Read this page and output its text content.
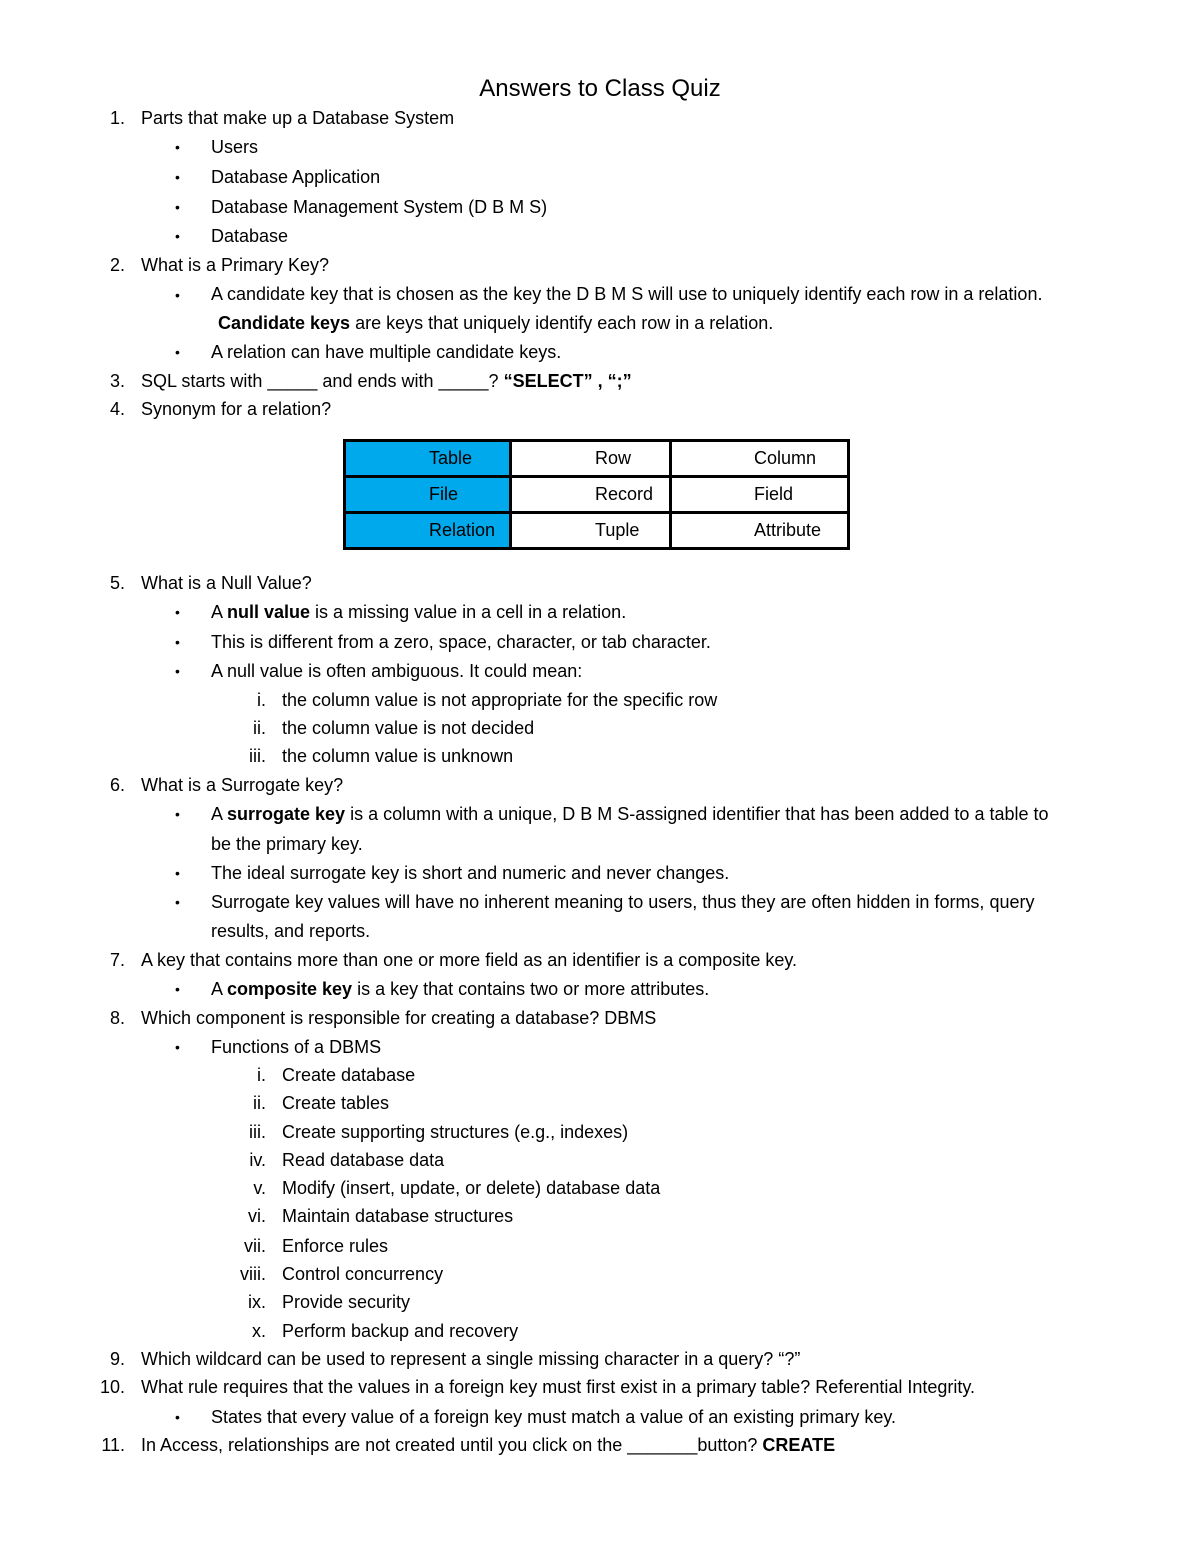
Answers to Class Quiz
1. Parts that make up a Database System
• Users
• Database Application
• Database Management System (D B M S)
• Database
2. What is a Primary Key?
• A candidate key that is chosen as the key the D B M S will use to uniquely identify each row in a relation.
Candidate keys are keys that uniquely identify each row in a relation.
• A relation can have multiple candidate keys.
3. SQL starts with _____ and ends with _____? “SELECT” , “;”
4. Synonym for a relation?
Table	Row	Column
File	Record	Field
Relation	Tuple	Attribute
5. What is a Null Value?
• A null value is a missing value in a cell in a relation.
• This is different from a zero, space, character, or tab character.
• A null value is often ambiguous. It could mean:
i. the column value is not appropriate for the specific row
ii. the column value is not decided
iii. the column value is unknown
6. What is a Surrogate key?
• A surrogate key is a column with a unique, D B M S-assigned identifier that has been added to a table to
be the primary key.
• The ideal surrogate key is short and numeric and never changes.
• Surrogate key values will have no inherent meaning to users, thus they are often hidden in forms, query
results, and reports.
7. A key that contains more than one or more field as an identifier is a composite key.
• A composite key is a key that contains two or more attributes.
8. Which component is responsible for creating a database? DBMS
• Functions of a DBMS
i. Create database
ii. Create tables
iii. Create supporting structures (e.g., indexes)
iv. Read database data
v. Modify (insert, update, or delete) database data
vi. Maintain database structures
vii. Enforce rules
viii. Control concurrency
ix. Provide security
x. Perform backup and recovery
9. Which wildcard can be used to represent a single missing character in a query? “?”
10. What rule requires that the values in a foreign key must first exist in a primary table? Referential Integrity.
• States that every value of a foreign key must match a value of an existing primary key.
11. In Access, relationships are not created until you click on the _______button? CREATE
